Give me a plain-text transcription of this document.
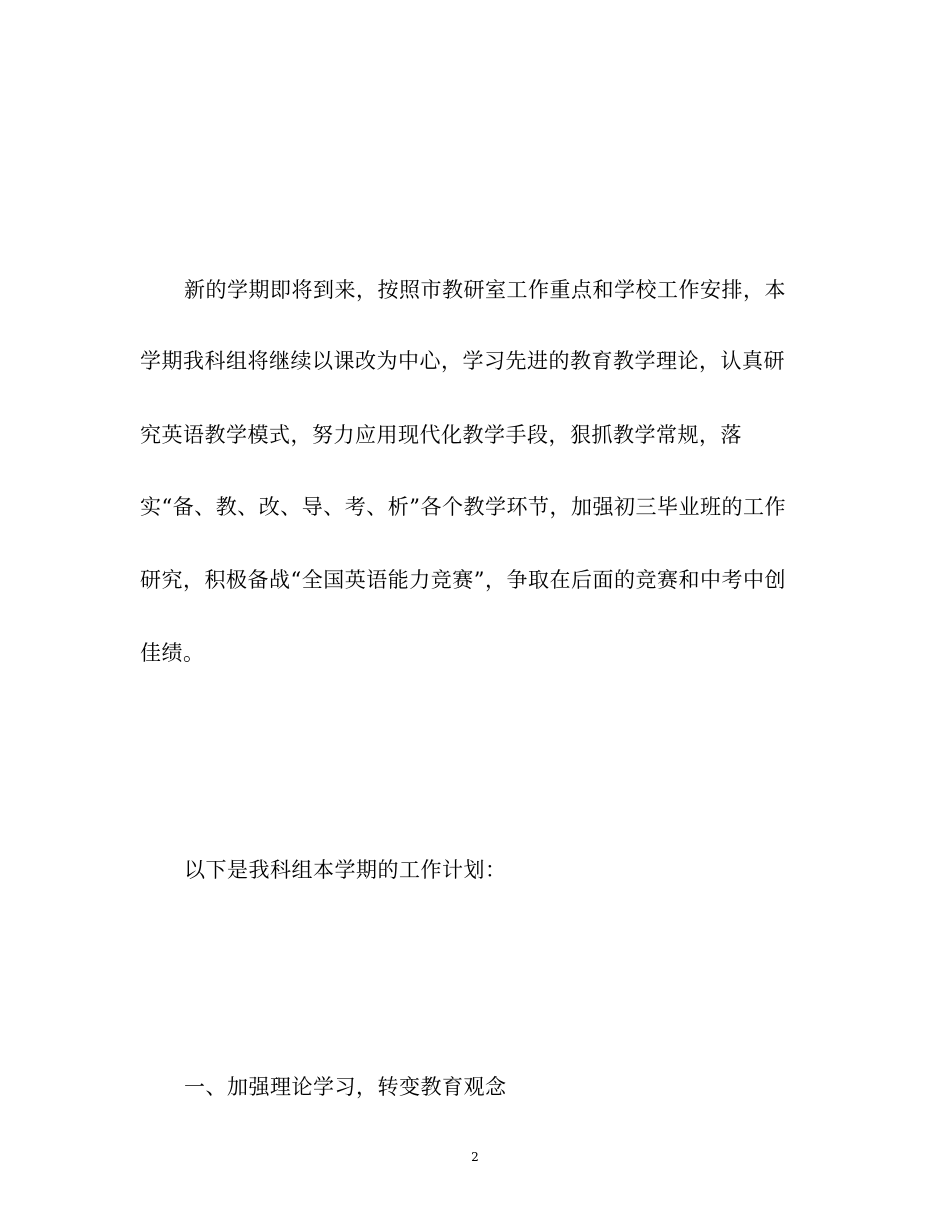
新的学期即将到来，按照市教研室工作重点和学校工作安排，本
学期我科组将继续以课改为中心，学习先进的教育教学理论，认真研
究英语教学模式，努力应用现代化教学手段，狠抓教学常规，落
实“备、教、改、导、考、析”各个教学环节，加强初三毕业班的工作
研究，积极备战“全国英语能力竞赛”，争取在后面的竞赛和中考中创
佳绩。
以下是我科组本学期的工作计划：
一、加强理论学习，转变教育观念
2
